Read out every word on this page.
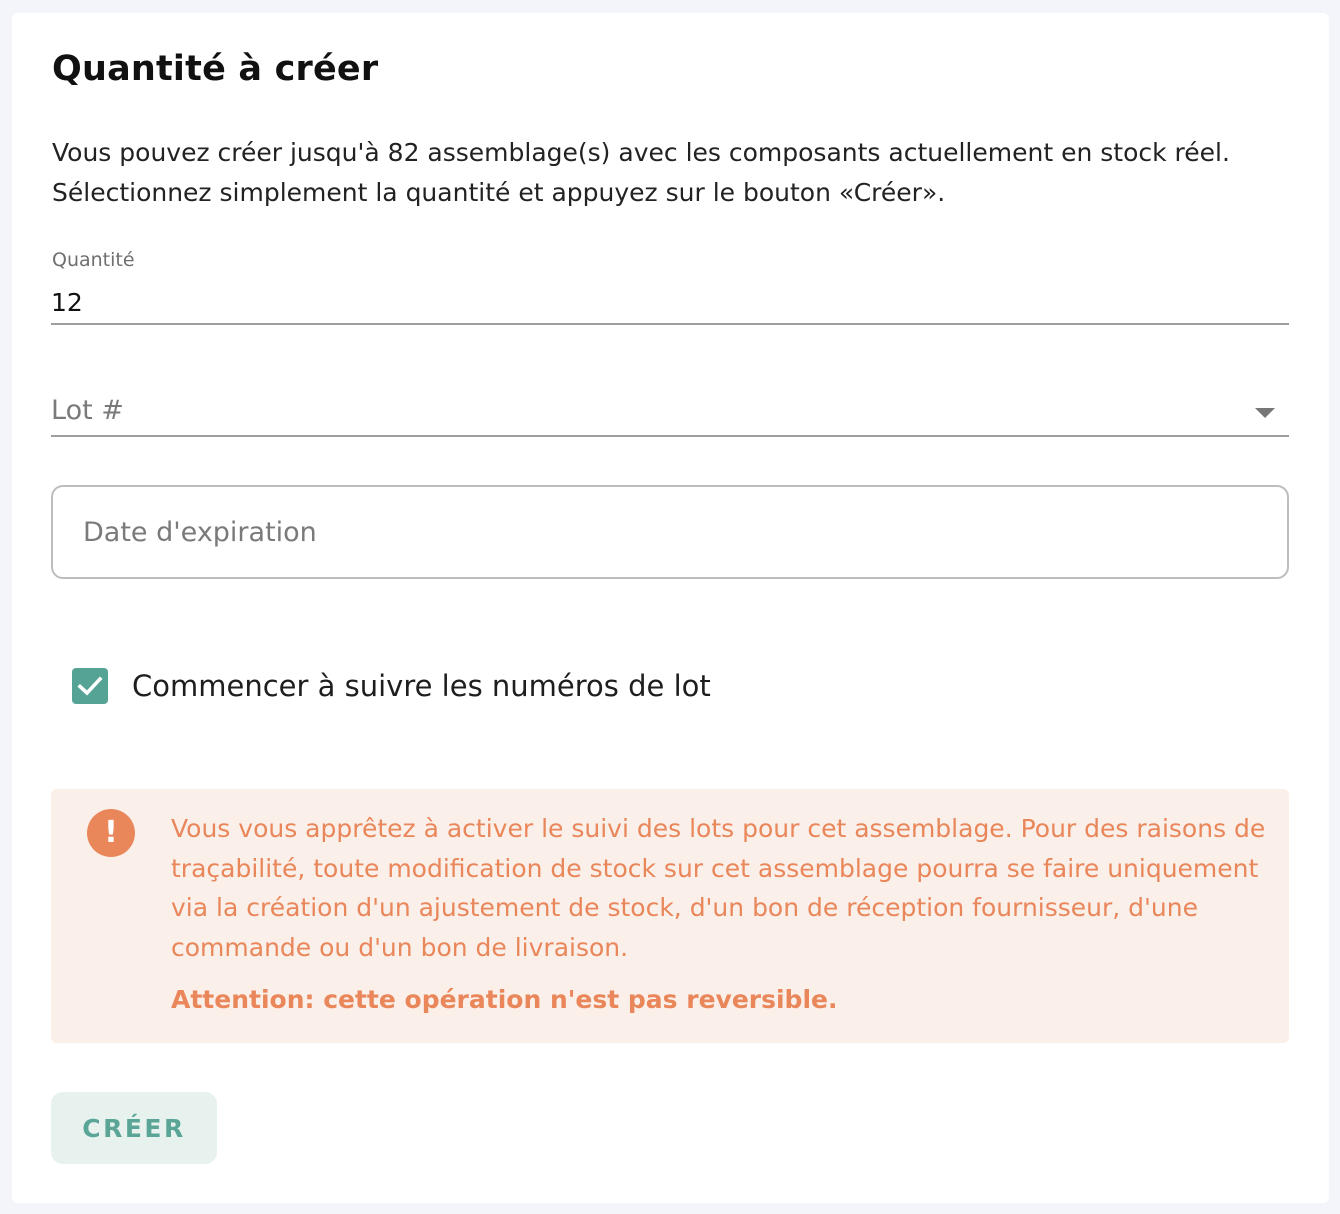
Quantité à créer
Vous pouvez créer jusqu'à 82 assemblage(s) avec les composants actuellement en stock réel. Sélectionnez simplement la quantité et appuyez sur le bouton «Créer».
Quantité
12
Lot #
Date d'expiration
Commencer à suivre les numéros de lot
!	Vous vous apprêtez à activer le suivi des lots pour cet assemblage. Pour des raisons de traçabilité, toute modification de stock sur cet assemblage pourra se faire uniquement via la création d'un ajustement de stock, d'un bon de réception fournisseur, d'une commande ou d'un bon de livraison.
Attention: cette opération n'est pas reversible.
CRÉER
